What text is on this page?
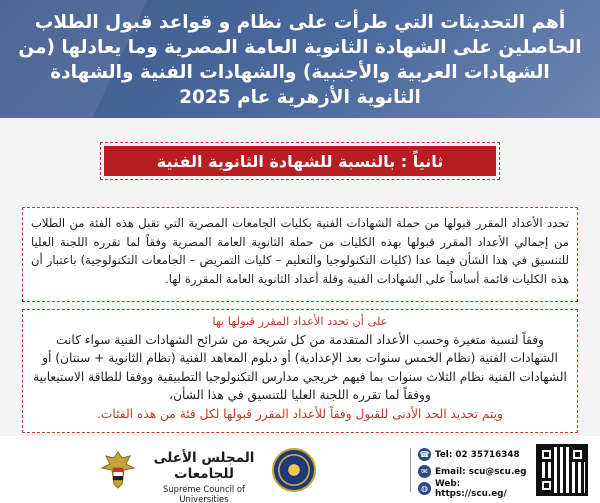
أهم التحديثات التي طرأت على نظام و قواعد قبول الطلاب الحاصلين على الشهادة الثانوية العامة المصرية وما يعادلها (من الشهادات العربية والأجنبية) والشهادات الفنية والشهادة الثانوية الأزهرية عام 2025
ثانياً : بالنسبة للشهادة الثانوية الفنية

تحدد الأعداد المقرر قبولها من حملة الشهادات الفنية بكليات الجامعات المصرية التي تقبل هذه الفئة من الطلاب من إجمالي الأعداد المقرر قبولها بهذه الكليات من حملة الثانوية العامة المصرية وفقاً لما تقرره اللجنة العليا للتنسيق في هذا الشأن فيما عدا (كليات التكنولوجيا والتعليم – كليات التمريض – الجامعات التكنولوجية) باعتبار أن هذه الكليات قائمة أساساً على الشهادات الفنية وقلة أعداد الثانوية العامة المقررة لها.

على أن تحدد الأعداد المقرر قبولها بها

وفقاً لنسبة متغيرة وحسب الأعداد المتقدمة من كل شريحة من شرائح الشهادات الفنية سواء كانت الشهادات الفنية (نظام الخمس سنوات بعد الإعدادية) أو دبلوم المعاهد الفنية (نظام الثانوية + سنتان) أو الشهادات الفنية نظام الثلاث سنوات بما فيهم خريجي مدارس التكنولوجيا التطبيقية ووفقا للطاقة الاستيعابية ووفقاً لما تقرره اللجنة العليا للتنسيق في هذا الشأن،

ويتم تحديد الحد الأدنى للقبول وفقاً للأعداد المقرر قبولها لكل فئة من هذه الفئات.

المجلس الأعلى للجامعات
Supreme Council of Universities
☎ Tel: 02 35716348
✉ Email: scu@scu.eg
◍ Web: https://scu.eg/
